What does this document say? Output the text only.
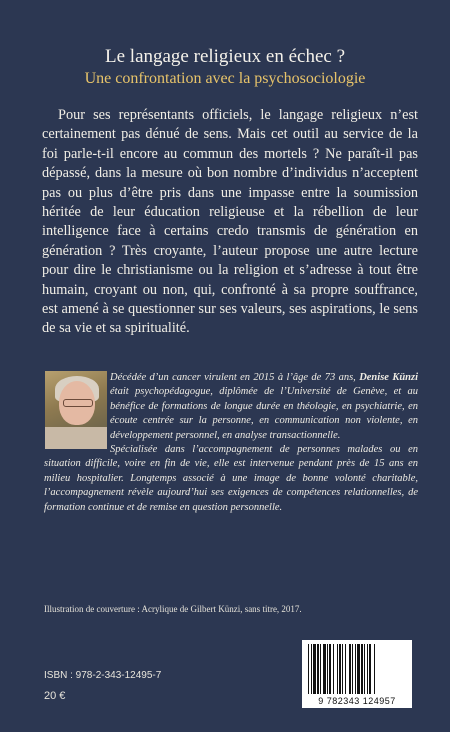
Le langage religieux en échec ?
Une confrontation avec la psychosociologie

Pour ses représentants officiels, le langage religieux n’est certainement pas dénué de sens. Mais cet outil au service de la foi parle-t-il encore au commun des mortels ? Ne paraît-il pas dépassé, dans la mesure où bon nombre d’individus n’acceptent pas ou plus d’être pris dans une impasse entre la soumission héritée de leur éducation religieuse et la rébellion de leur intelligence face à certains credo transmis de génération en génération ? Très croyante, l’auteur propose une autre lecture pour dire le christianisme ou la religion et s’adresse à tout être humain, croyant ou non, qui, confronté à sa propre souffrance, est amené à se questionner sur ses valeurs, ses aspirations, le sens de sa vie et sa spiritualité.

Décédée d’un cancer virulent en 2015 à l’âge de 73 ans, Denise Künzi était psychopédagogue, diplômée de l’Université de Genève, et au bénéfice de formations de longue durée en théologie, en psychiatrie, en écoute centrée sur la personne, en communication non violente, en développement personnel, en analyse transactionnelle.

Spécialisée dans l’accompagnement de personnes malades ou en situation difficile, voire en fin de vie, elle est intervenue pendant près de 15 ans en milieu hospitalier. Longtemps associé à une image de bonne volonté charitable, l’accompagnement révèle aujourd’hui ses exigences de compétences relationnelles, de formation continue et de remise en question personnelle.

Illustration de couverture : Acrylique de Gilbert Künzi, sans titre, 2017.
ISBN : 978-2-343-12495-7
20 €	9 782343 124957
